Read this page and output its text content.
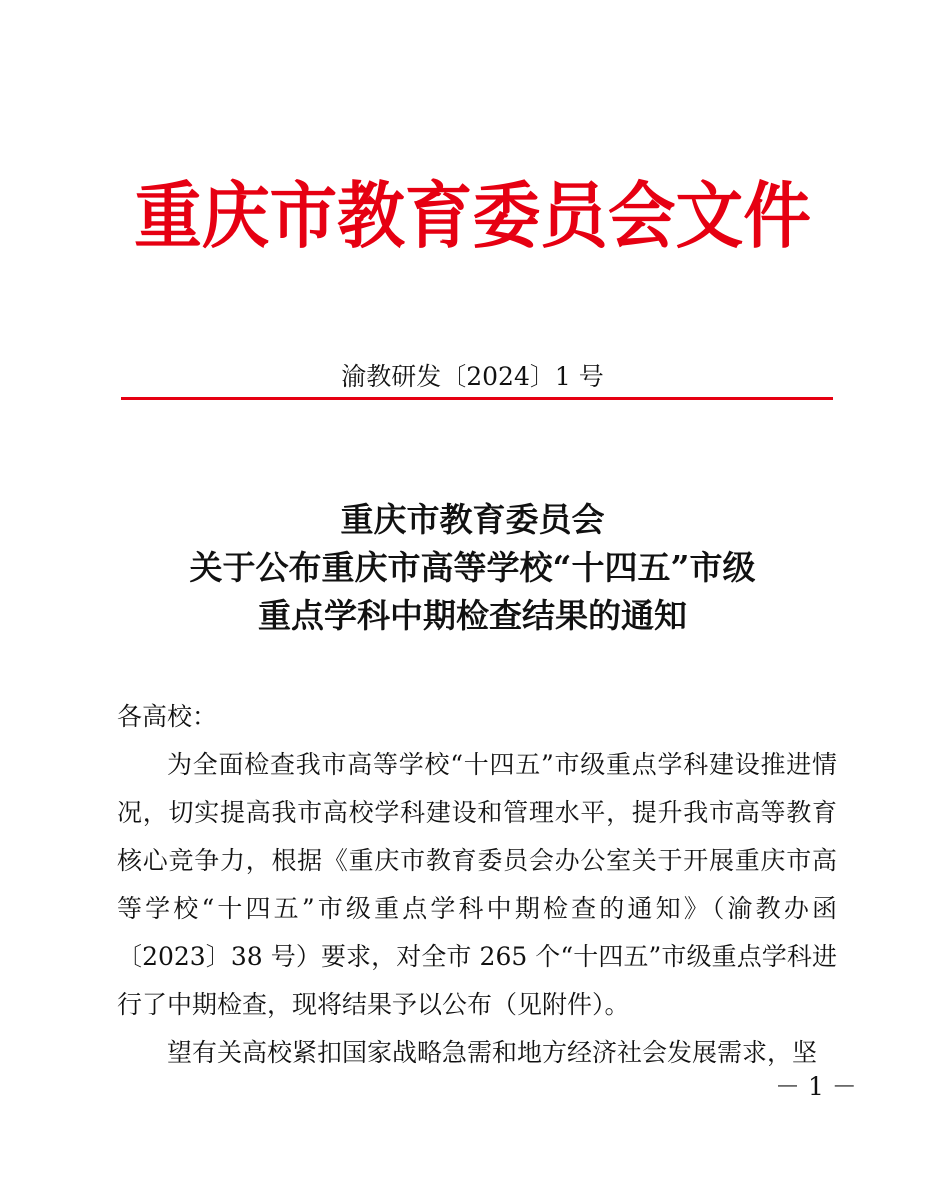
重庆市教育委员会文件
渝教研发〔2024〕1 号
重庆市教育委员会
关于公布重庆市高等学校“十四五”市级
重点学科中期检查结果的通知
各高校：

为全面检查我市高等学校“十四五”市级重点学科建设推进情况，切实提高我市高校学科建设和管理水平，提升我市高等教育核心竞争力，根据《重庆市教育委员会办公室关于开展重庆市高等学校“十四五”市级重点学科中期检查的通知》（渝教办函〔2023〕38 号）要求，对全市 265 个“十四五”市级重点学科进行了中期检查，现将结果予以公布（见附件）。

望有关高校紧扣国家战略急需和地方经济社会发展需求，坚

－ 1 －
